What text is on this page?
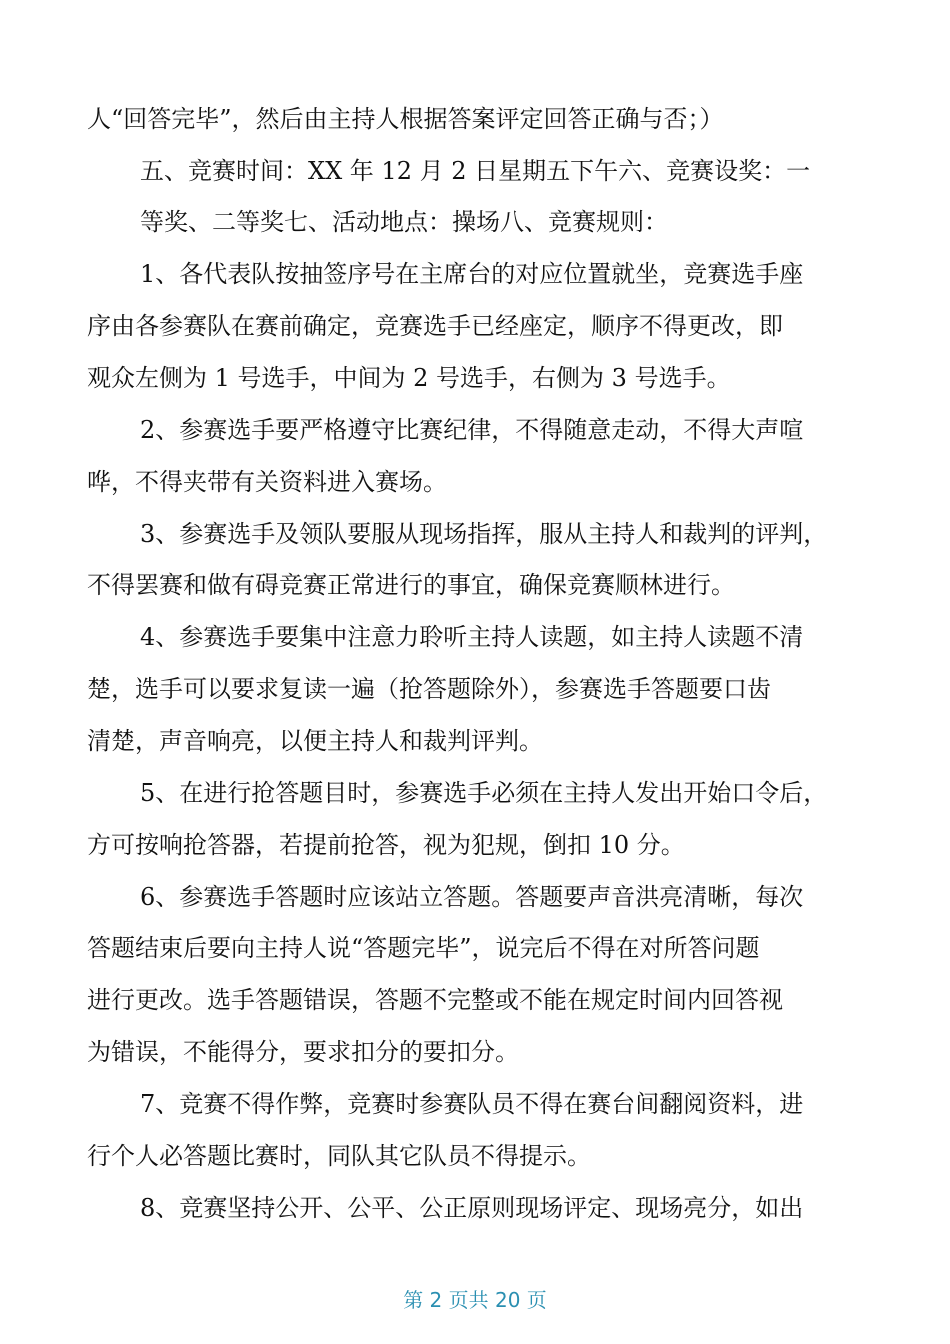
人“回答完毕”，然后由主持人根据答案评定回答正确与否；）
五、竞赛时间：XX 年 12 月 2 日星期五下午六、竞赛设奖：一
等奖、二等奖七、活动地点：操场八、竞赛规则：
1、各代表队按抽签序号在主席台的对应位置就坐，竞赛选手座
序由各参赛队在赛前确定，竞赛选手已经座定，顺序不得更改，即
观众左侧为 1 号选手，中间为 2 号选手，右侧为 3 号选手。
2、参赛选手要严格遵守比赛纪律，不得随意走动，不得大声喧
哗，不得夹带有关资料进入赛场。
3、参赛选手及领队要服从现场指挥，服从主持人和裁判的评判，
不得罢赛和做有碍竞赛正常进行的事宜，确保竞赛顺林进行。
4、参赛选手要集中注意力聆听主持人读题，如主持人读题不清
楚，选手可以要求复读一遍（抢答题除外），参赛选手答题要口齿
清楚，声音响亮，以便主持人和裁判评判。
5、在进行抢答题目时，参赛选手必须在主持人发出开始口令后，
方可按响抢答器，若提前抢答，视为犯规，倒扣 10 分。
6、参赛选手答题时应该站立答题。答题要声音洪亮清晰，每次
答题结束后要向主持人说“答题完毕”，说完后不得在对所答问题
进行更改。选手答题错误，答题不完整或不能在规定时间内回答视
为错误，不能得分，要求扣分的要扣分。
7、竞赛不得作弊，竞赛时参赛队员不得在赛台间翻阅资料，进
行个人必答题比赛时，同队其它队员不得提示。
8、竞赛坚持公开、公平、公正原则现场评定、现场亮分，如出
第 2 页共 20 页
